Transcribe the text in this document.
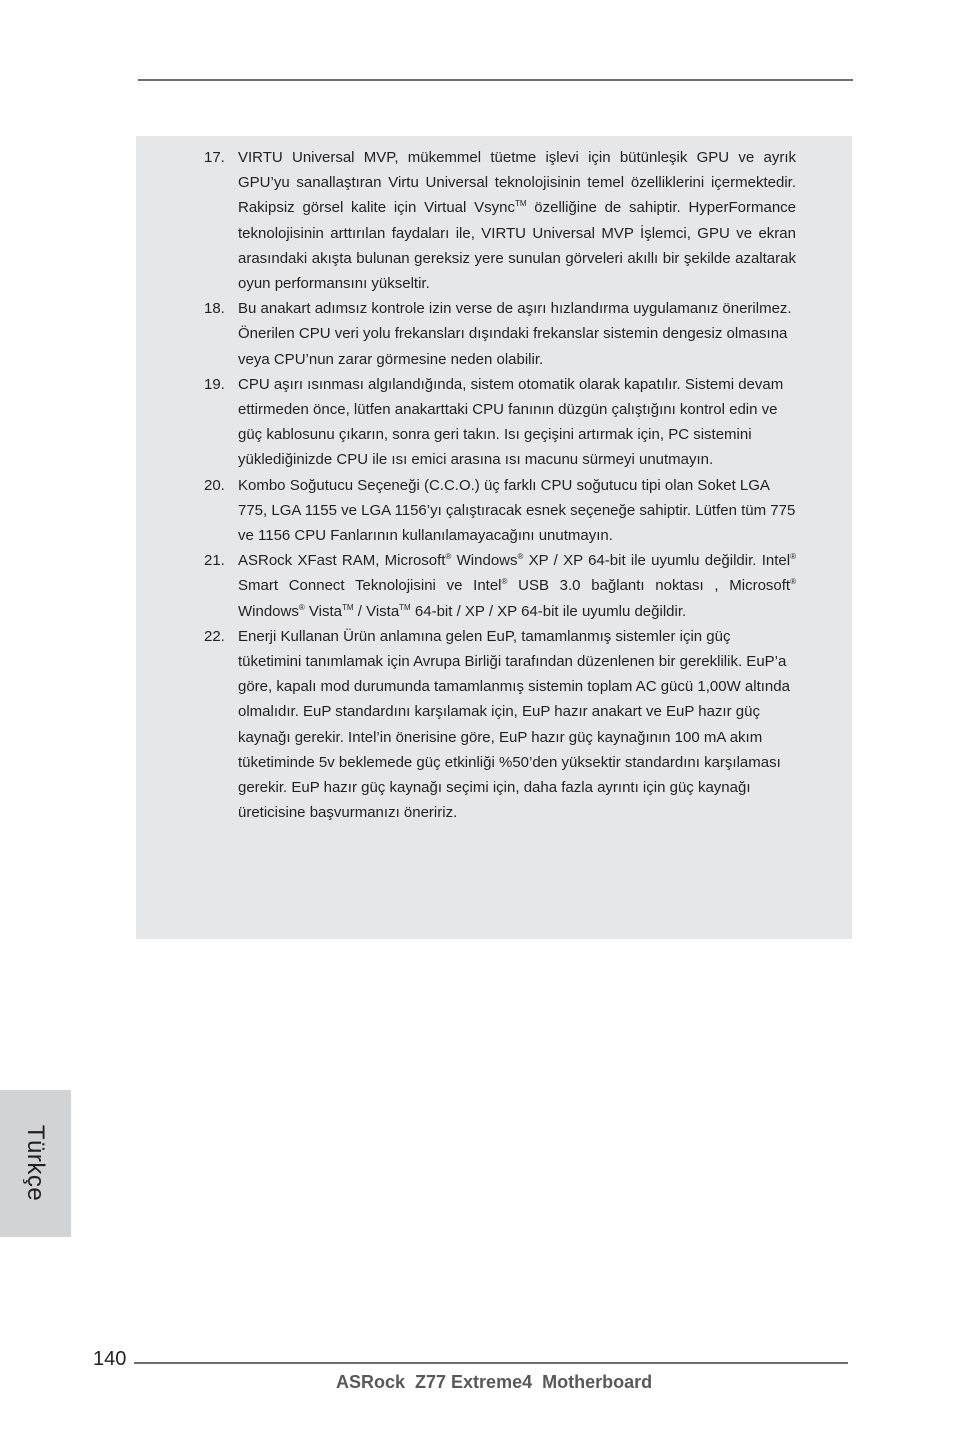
17. VIRTU Universal MVP, mükemmel tüetme işlevi için bütünleşik GPU ve ayrık GPU’yu sanallaştıran Virtu Universal teknolojisinin temel özelliklerini içermektedir. Rakipsiz görsel kalite için Virtual Vsync™ özelliğine de sahiptir. HyperFormance teknolojisinin arttırılan faydaları ile, VIRTU Universal MVP İşlemci, GPU ve ekran arasındaki akışta bulunan gereksiz yere sunulan görveleri akıllı bir şekilde azaltarak oyun performansını yükseltir.
18. Bu anakart adımsız kontrole izin verse de aşırı hızlandırma uygulamanız önerilmez. Önerilen CPU veri yolu frekansları dışındaki frekanslar sistemin dengesiz olmasına veya CPU’nun zarar görmesine neden olabilir.
19. CPU aşırı ısınması algılandığında, sistem otomatik olarak kapatılır. Sistemi devam ettirmeden önce, lütfen anakarttaki CPU fanının düzgün çalıştığını kontrol edin ve güç kablosunu çıkarın, sonra geri takın. Isı geçişini artırmak için, PC sistemini yüklediğinizde CPU ile ısı emici arasına ısı macunu sürmeyi unutmayın.
20. Kombo Soğutucu Seçeneği (C.C.O.) üç farklı CPU soğutucu tipi olan Soket LGA 775, LGA 1155 ve LGA 1156’yı çalıştıracak esnek seçeneğe sahiptir. Lütfen tüm 775 ve 1156 CPU Fanlarının kullanılamayacağını unutmayın.
21. ASRock XFast RAM, Microsoft® Windows® XP / XP 64-bit ile uyumlu değildir. Intel® Smart Connect Teknolojisini ve Intel® USB 3.0 bağlantı noktası , Microsoft® Windows® Vista™ / Vista™ 64-bit / XP / XP 64-bit ile uyumlu değildir.
22. Enerji Kullanan Ürün anlamına gelen EuP, tamamlanmış sistemler için güç tüketimini tanımlamak için Avrupa Birliği tarafından düzenlenen bir gereklilik. EuP’a göre, kapalı mod durumunda tamamlanmış sistemin toplam AC gücü 1,00W altında olmalıdır. EuP standardını karşılamak için, EuP hazır anakart ve EuP hazır güç kaynağı gerekir. Intel’in önerisine göre, EuP hazır güç kaynağının 100 mA akım tüketiminde 5v beklemede güç etkinliği %50’den yüksektir standardını karşılaması gerekir. EuP hazır güç kaynağı seçimi için, daha fazla ayrıntı için güç kaynağı üreticisine başvurmanızı öneririz.
Türkçe
140
ASRock  Z77 Extreme4  Motherboard
